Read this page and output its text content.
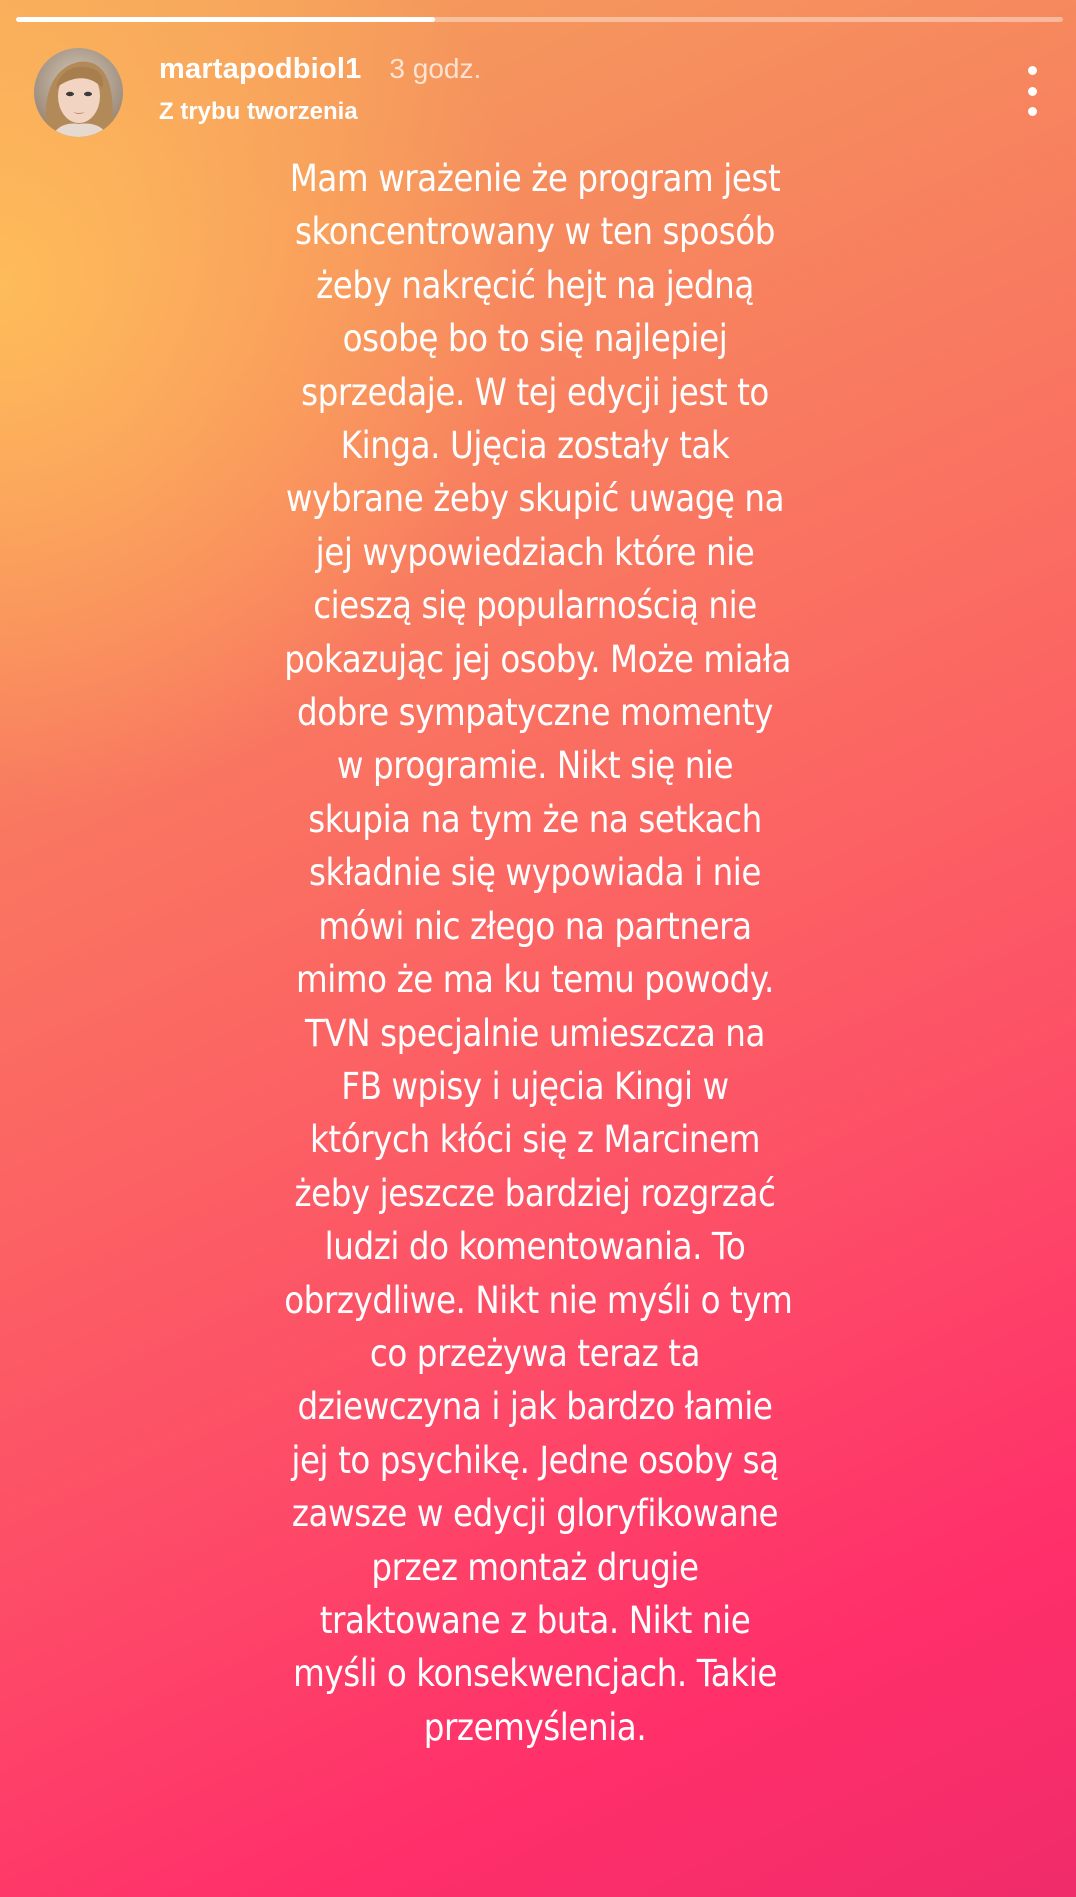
martapodbiol1 3 godz.
Z trybu tworzenia

Mam wrażenie że program jest
skoncentrowany w ten sposób
żeby nakręcić hejt na jedną
osobę bo to się najlepiej
sprzedaje. W tej edycji jest to
Kinga. Ujęcia zostały tak
wybrane żeby skupić uwagę na
jej wypowiedziach które nie
cieszą się popularnością nie
pokazując jej osoby. Może miała
dobre sympatyczne momenty
w programie. Nikt się nie
skupia na tym że na setkach
składnie się wypowiada i nie
mówi nic złego na partnera
mimo że ma ku temu powody.
TVN specjalnie umieszcza na
FB wpisy i ujęcia Kingi w
których kłóci się z Marcinem
żeby jeszcze bardziej rozgrzać
ludzi do komentowania. To
obrzydliwe. Nikt nie myśli o tym
co przeżywa teraz ta
dziewczyna i jak bardzo łamie
jej to psychikę. Jedne osoby są
zawsze w edycji gloryfikowane
przez montaż drugie
traktowane z buta. Nikt nie
myśli o konsekwencjach. Takie
przemyślenia.
